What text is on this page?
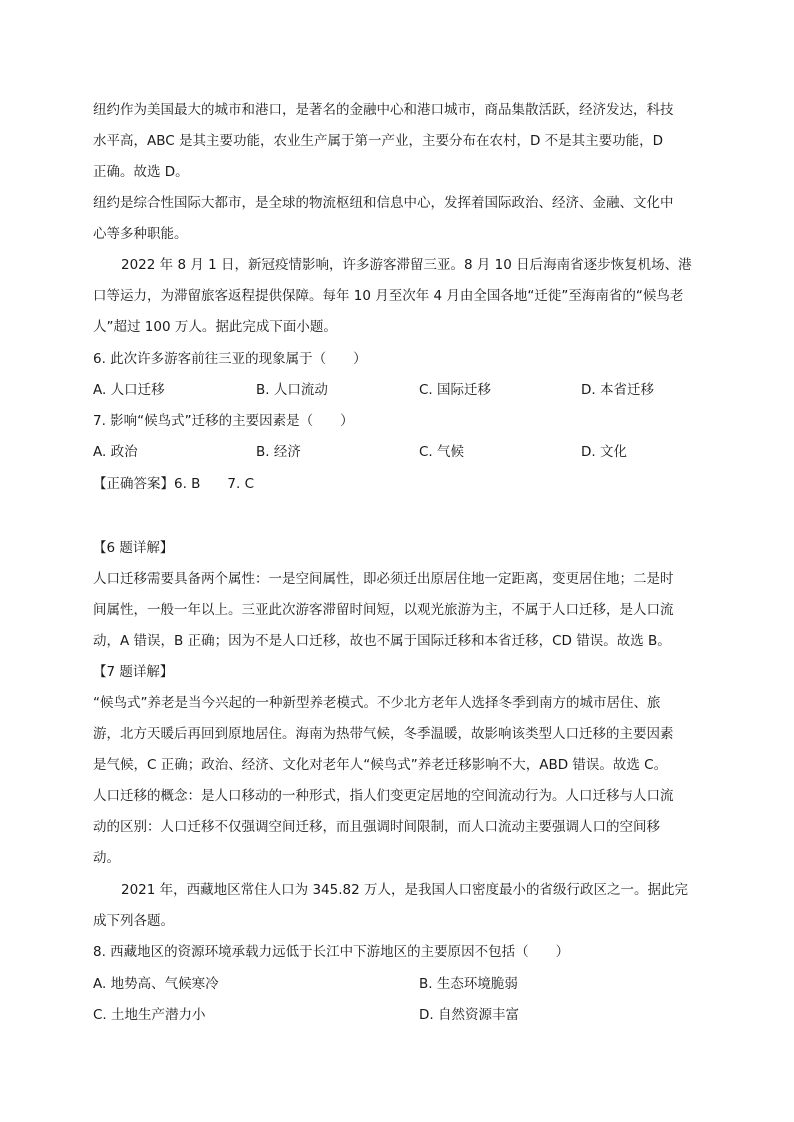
纽约作为美国最大的城市和港口，是著名的金融中心和港口城市，商品集散活跃，经济发达，科技
水平高，ABC 是其主要功能，农业生产属于第一产业，主要分布在农村，D 不是其主要功能，D
正确。故选 D。
纽约是综合性国际大都市，是全球的物流枢纽和信息中心，发挥着国际政治、经济、金融、文化中
心等多种职能。
2022 年 8 月 1 日，新冠疫情影响，许多游客滞留三亚。8 月 10 日后海南省逐步恢复机场、港
口等运力，为滞留旅客返程提供保障。每年 10 月至次年 4 月由全国各地“迁徙”至海南省的“候鸟老
人”超过 100 万人。据此完成下面小题。
6. 此次许多游客前往三亚的现象属于（　　）
A. 人口迁移	B. 人口流动	C. 国际迁移	D. 本省迁移
7. 影响“候鸟式”迁移的主要因素是（　　）
A. 政治	B. 经济	C. 气候	D. 文化
【正确答案】6. B　　7. C
【6 题详解】
人口迁移需要具备两个属性：一是空间属性，即必须迁出原居住地一定距离，变更居住地；二是时
间属性，一般一年以上。三亚此次游客滞留时间短，以观光旅游为主，不属于人口迁移，是人口流
动，A 错误，B 正确；因为不是人口迁移，故也不属于国际迁移和本省迁移，CD 错误。故选 B。
【7 题详解】
“候鸟式”养老是当今兴起的一种新型养老模式。不少北方老年人选择冬季到南方的城市居住、旅
游，北方天暖后再回到原地居住。海南为热带气候，冬季温暖，故影响该类型人口迁移的主要因素
是气候，C 正确；政治、经济、文化对老年人“候鸟式”养老迁移影响不大，ABD 错误。故选 C。
人口迁移的概念：是人口移动的一种形式，指人们变更定居地的空间流动行为。人口迁移与人口流
动的区别：人口迁移不仅强调空间迁移，而且强调时间限制，而人口流动主要强调人口的空间移
动。
2021 年，西藏地区常住人口为 345.82 万人，是我国人口密度最小的省级行政区之一。据此完
成下列各题。
8. 西藏地区的资源环境承载力远低于长江中下游地区的主要原因不包括（　　）
A. 地势高、气候寒冷	B. 生态环境脆弱
C. 土地生产潜力小	D. 自然资源丰富
